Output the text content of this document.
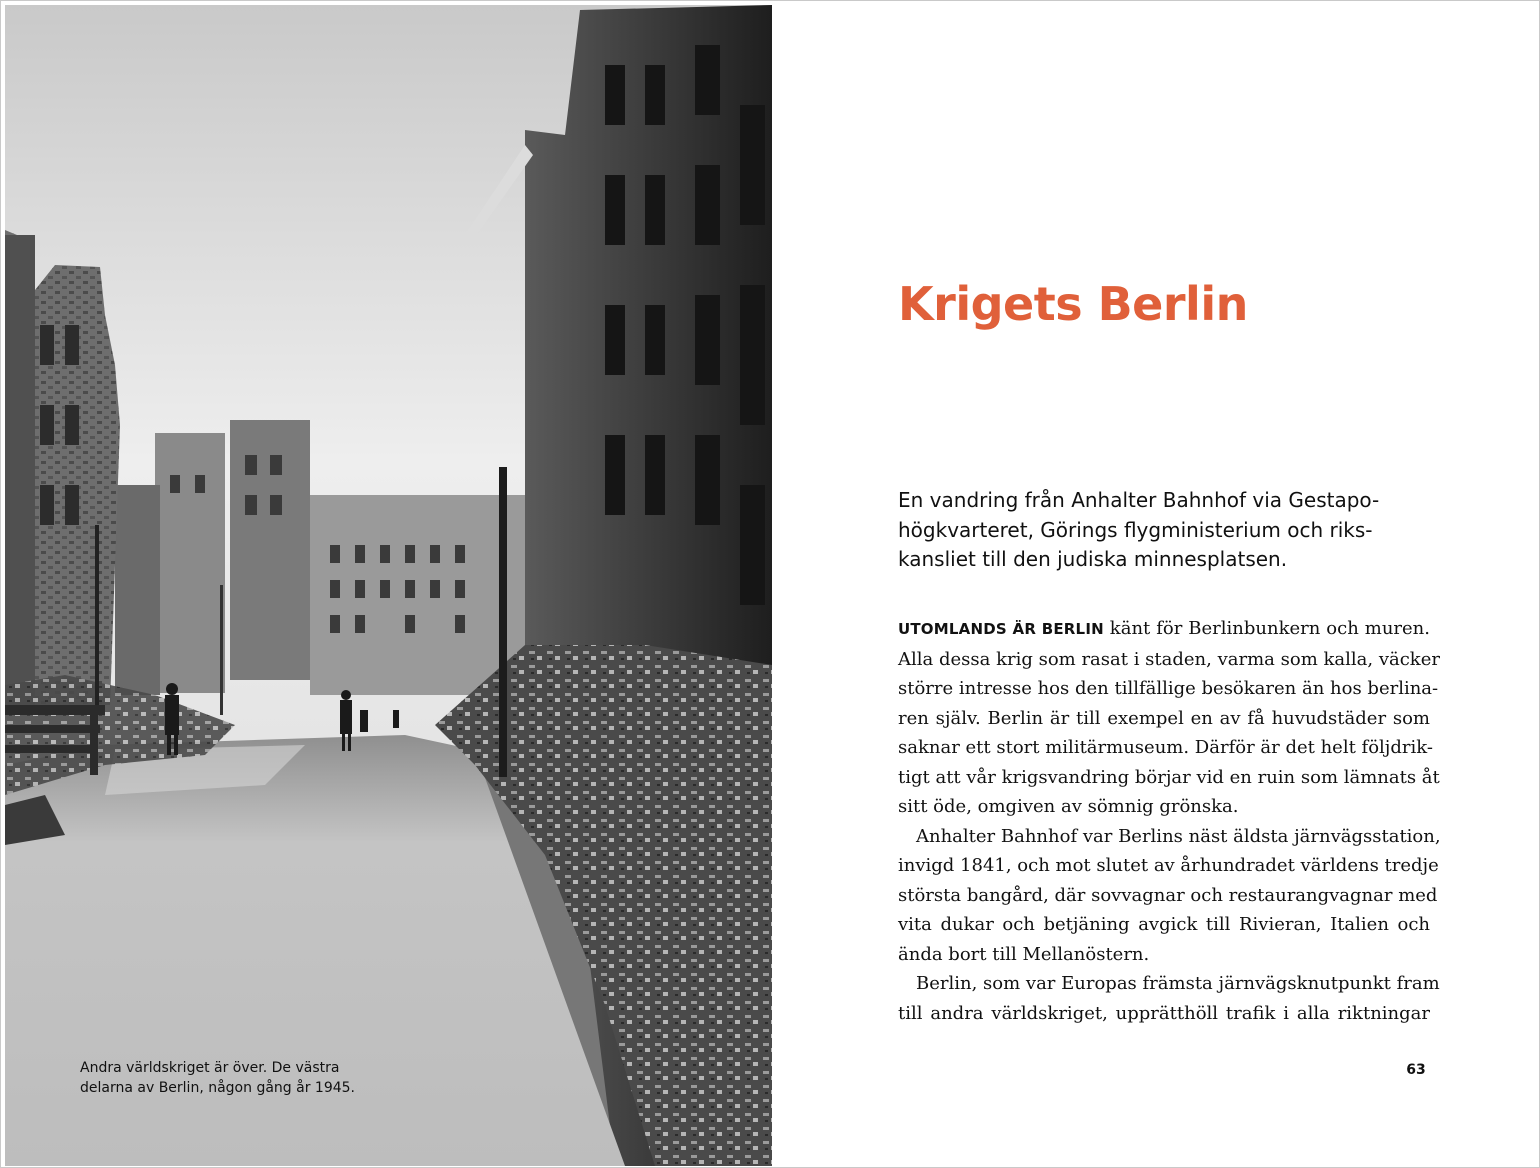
Andra världskriget är över. De västra
delarna av Berlin, någon gång år 1945.

Krigets Berlin

En vandring från Anhalter Bahnhof via Gestapo-
högkvarteret, Görings flygministerium och riks-
kansliet till den judiska minnesplatsen.

UTOMLANDS ÄR BERLIN känt för Berlinbunkern och muren.
Alla dessa krig som rasat i staden, varma som kalla, väcker
större intresse hos den tillfällige besökaren än hos berlina-
ren själv. Berlin är till exempel en av få huvudstäder som
saknar ett stort militärmuseum. Därför är det helt följdrik-
tigt att vår krigsvandring börjar vid en ruin som lämnats åt
sitt öde, omgiven av sömnig grönska.
Anhalter Bahnhof var Berlins näst äldsta järnvägsstation,
invigd 1841, och mot slutet av århundradet världens tredje
största bangård, där sovvagnar och restaurangvagnar med
vita dukar och betjäning avgick till Rivieran, Italien och
ända bort till Mellanöstern.
Berlin, som var Europas främsta järnvägsknutpunkt fram
till andra världskriget, upprätthöll trafik i alla riktningar

63
